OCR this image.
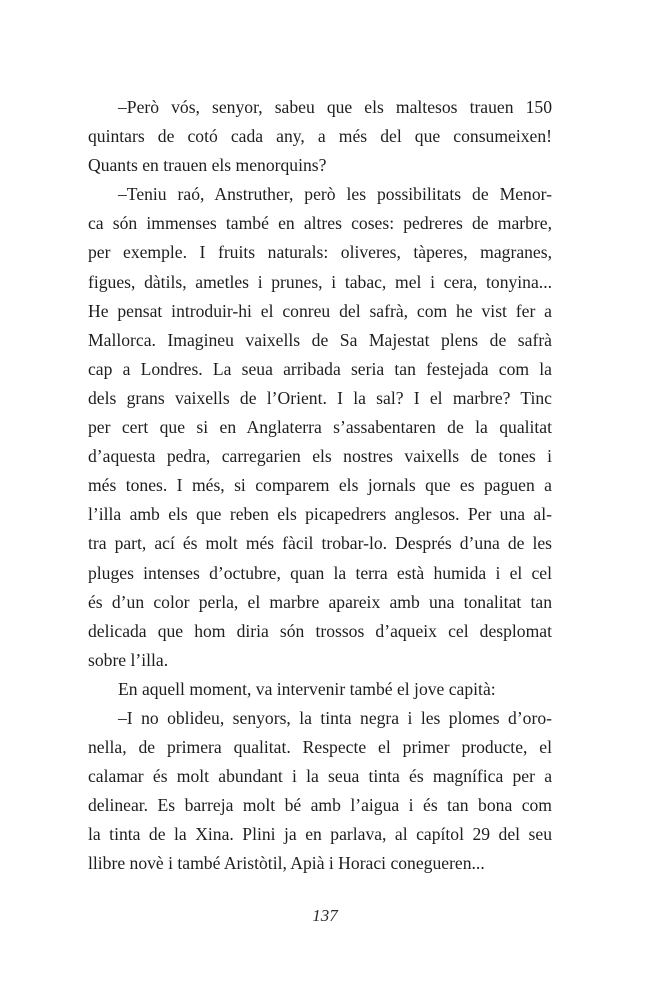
–Però vós, senyor, sabeu que els maltesos trauen 150
quintars de cotó cada any, a més del que consumeixen!
Quants en trauen els menorquins?

–Teniu raó, Anstruther, però les possibilitats de Menor-
ca són immenses també en altres coses: pedreres de marbre,
per exemple. I fruits naturals: oliveres, tàperes, magranes,
figues, dàtils, ametles i prunes, i tabac, mel i cera, tonyina...
He pensat introduir-hi el conreu del safrà, com he vist fer a
Mallorca. Imagineu vaixells de Sa Majestat plens de safrà
cap a Londres. La seua arribada seria tan festejada com la
dels grans vaixells de l’Orient. I la sal? I el marbre? Tinc
per cert que si en Anglaterra s’assabentaren de la qualitat
d’aquesta pedra, carregarien els nostres vaixells de tones i
més tones. I més, si comparem els jornals que es paguen a
l’illa amb els que reben els picapedrers anglesos. Per una al-
tra part, ací és molt més fàcil trobar-lo. Després d’una de les
pluges intenses d’octubre, quan la terra està humida i el cel
és d’un color perla, el marbre apareix amb una tonalitat tan
delicada que hom diria són trossos d’aqueix cel desplomat
sobre l’illa.

En aquell moment, va intervenir també el jove capità:

–I no oblideu, senyors, la tinta negra i les plomes d’oro-
nella, de primera qualitat. Respecte el primer producte, el
calamar és molt abundant i la seua tinta és magnífica per a
delinear. Es barreja molt bé amb l’aigua i és tan bona com
la tinta de la Xina. Plini ja en parlava, al capítol 29 del seu
llibre novè i també Aristòtil, Apià i Horaci conegueren...

137
